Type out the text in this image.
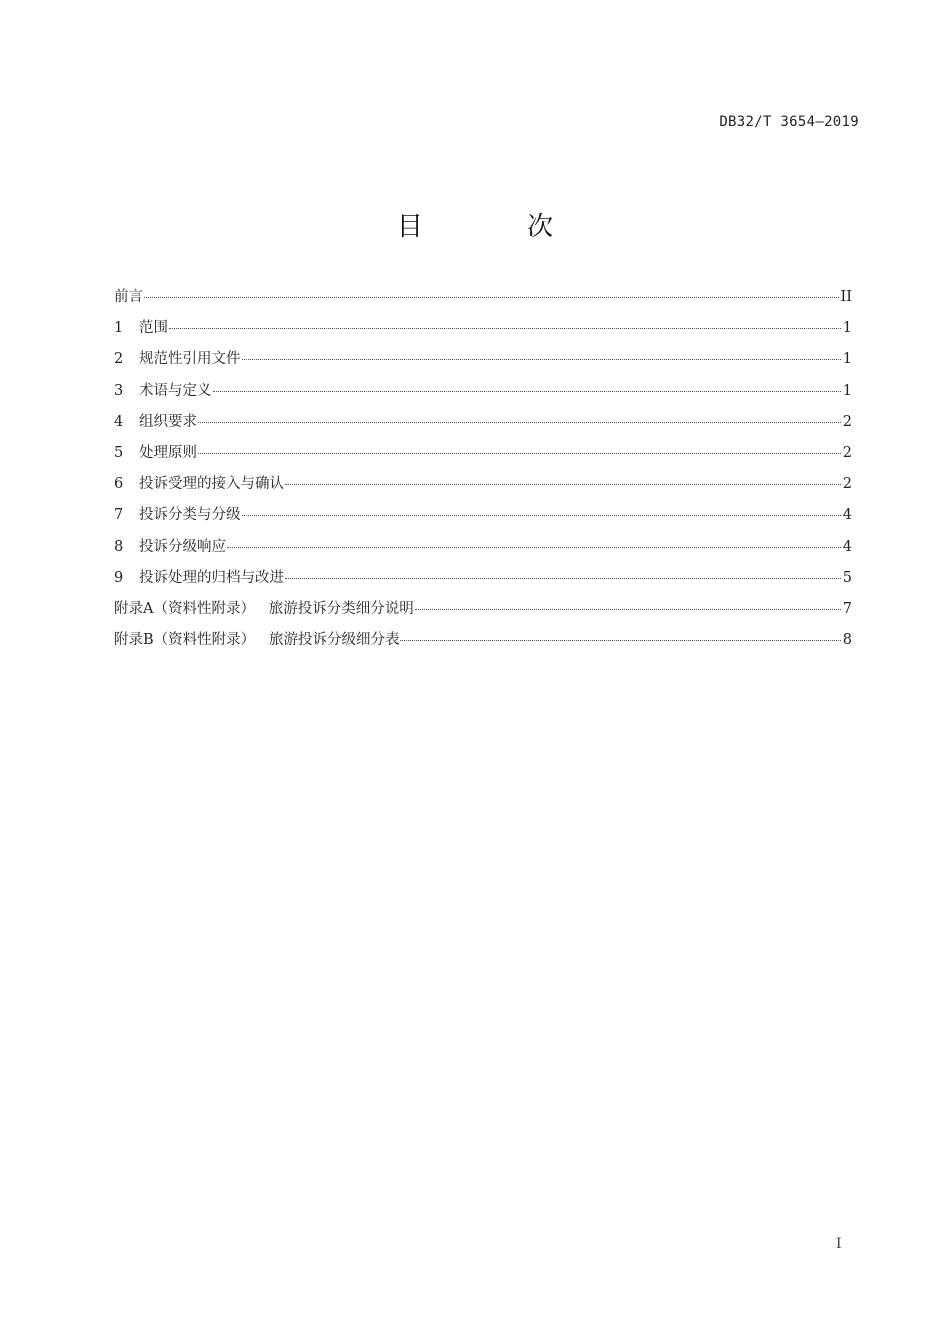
DB32/T 3654—2019
目 次
前言	II
1	范围	1
2	规范性引用文件	1
3	术语与定义	1
4	组织要求	2
5	处理原则	2
6	投诉受理的接入与确认	2
7	投诉分类与分级	4
8	投诉分级响应	4
9	投诉处理的归档与改进	5
附录A（资料性附录）   旅游投诉分类细分说明	7
附录B（资料性附录）   旅游投诉分级细分表	8
I
